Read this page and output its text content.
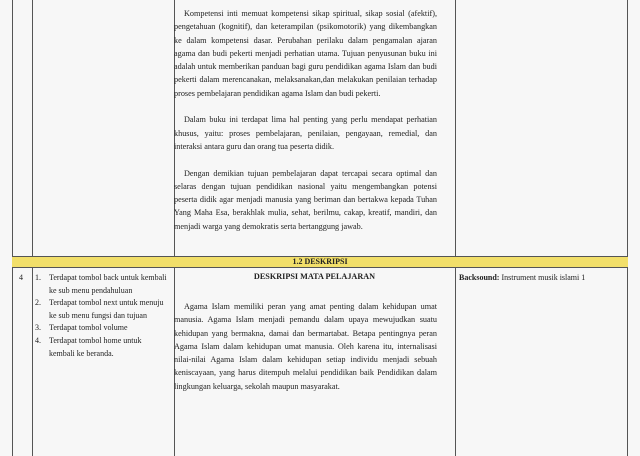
Kompetensi inti memuat kompetensi sikap spiritual, sikap sosial (afektif), pengetahuan (kognitif), dan keterampilan (psikomotorik) yang dikembangkan ke dalam kompetensi dasar. Perubahan perilaku dalam pengamalan ajaran agama dan budi pekerti menjadi perhatian utama. Tujuan penyusunan buku ini adalah untuk memberikan panduan bagi guru pendidikan agama Islam dan budi pekerti dalam merencanakan, melaksanakan,dan melakukan penilaian terhadap proses pembelajaran pendidikan agama Islam dan budi pekerti.

Dalam buku ini terdapat lima hal penting yang perlu mendapat perhatian khusus, yaitu: proses pembelajaran, penilaian, pengayaan, remedial, dan interaksi antara guru dan orang tua peserta didik.

Dengan demikian tujuan pembelajaran dapat tercapai secara optimal dan selaras dengan tujuan pendidikan nasional yaitu mengembangkan potensi peserta didik agar menjadi manusia yang beriman dan bertakwa kepada Tuhan Yang Maha Esa, berakhlak mulia, sehat, berilmu, cakap, kreatif, mandiri, dan menjadi warga yang demokratis serta bertanggung jawab.

1.2 DESKRIPSI
4 1. Terdapat tombol back untuk kembali ke sub menu pendahuluan
2. Terdapat tombol next untuk menuju ke sub menu fungsi dan tujuan
3. Terdapat tombol volume
4. Terdapat tombol home untuk kembali ke beranda.
DESKRIPSI MATA PELAJARAN

Agama Islam memiliki peran yang amat penting dalam kehidupan umat manusia. Agama Islam menjadi pemandu dalam upaya mewujudkan suatu kehidupan yang bermakna, damai dan bermartabat. Betapa pentingnya peran Agama Islam dalam kehidupan umat manusia. Oleh karena itu, internalisasi nilai-nilai Agama Islam dalam kehidupan setiap individu menjadi sebuah keniscayaan, yang harus ditempuh melalui pendidikan baik Pendidikan dalam lingkungan keluarga, sekolah maupun masyarakat.

Backsound: Instrument musik islami 1
